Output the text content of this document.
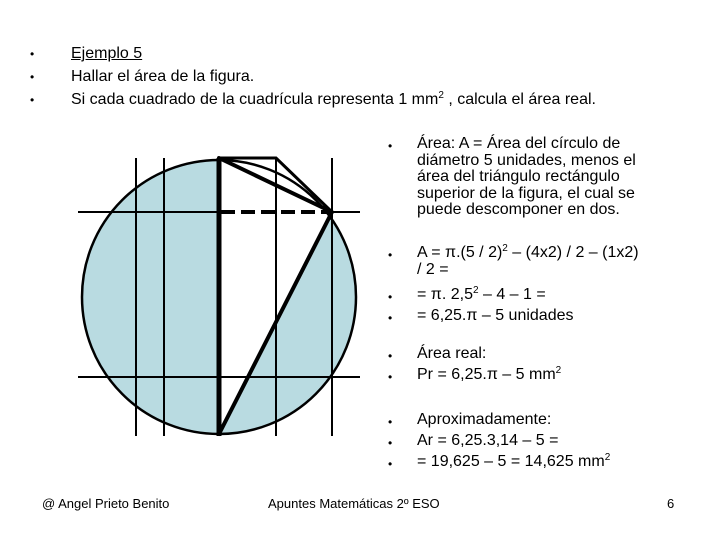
• Ejemplo 5
• Hallar el área de la figura.
• Si cada cuadrado de la cuadrícula representa 1 $mm^2$ , calcula el área real.
• Área: A = Área del círculo de diámetro 5 unidades, menos el área del triángulo rectángulo superior de la figura, el cual se puede descomponer en dos.
• A = π.(5 / 2)$^2$ – (4x2) / 2 – (1x2) / 2 =
• = π. $2,5^2 - 4 - 1$ =
• = 6,25.π – 5 unidades
• Área real:
• Pr = 6,25.π – 5 $mm^2$
• Aproximadamente:
• Ar = 6,25.3,14 – 5 =
• = 19,625 – 5 = 14,625 $mm^2$
@ Angel Prieto Benito	Apuntes Matemáticas 2º ESO	6
